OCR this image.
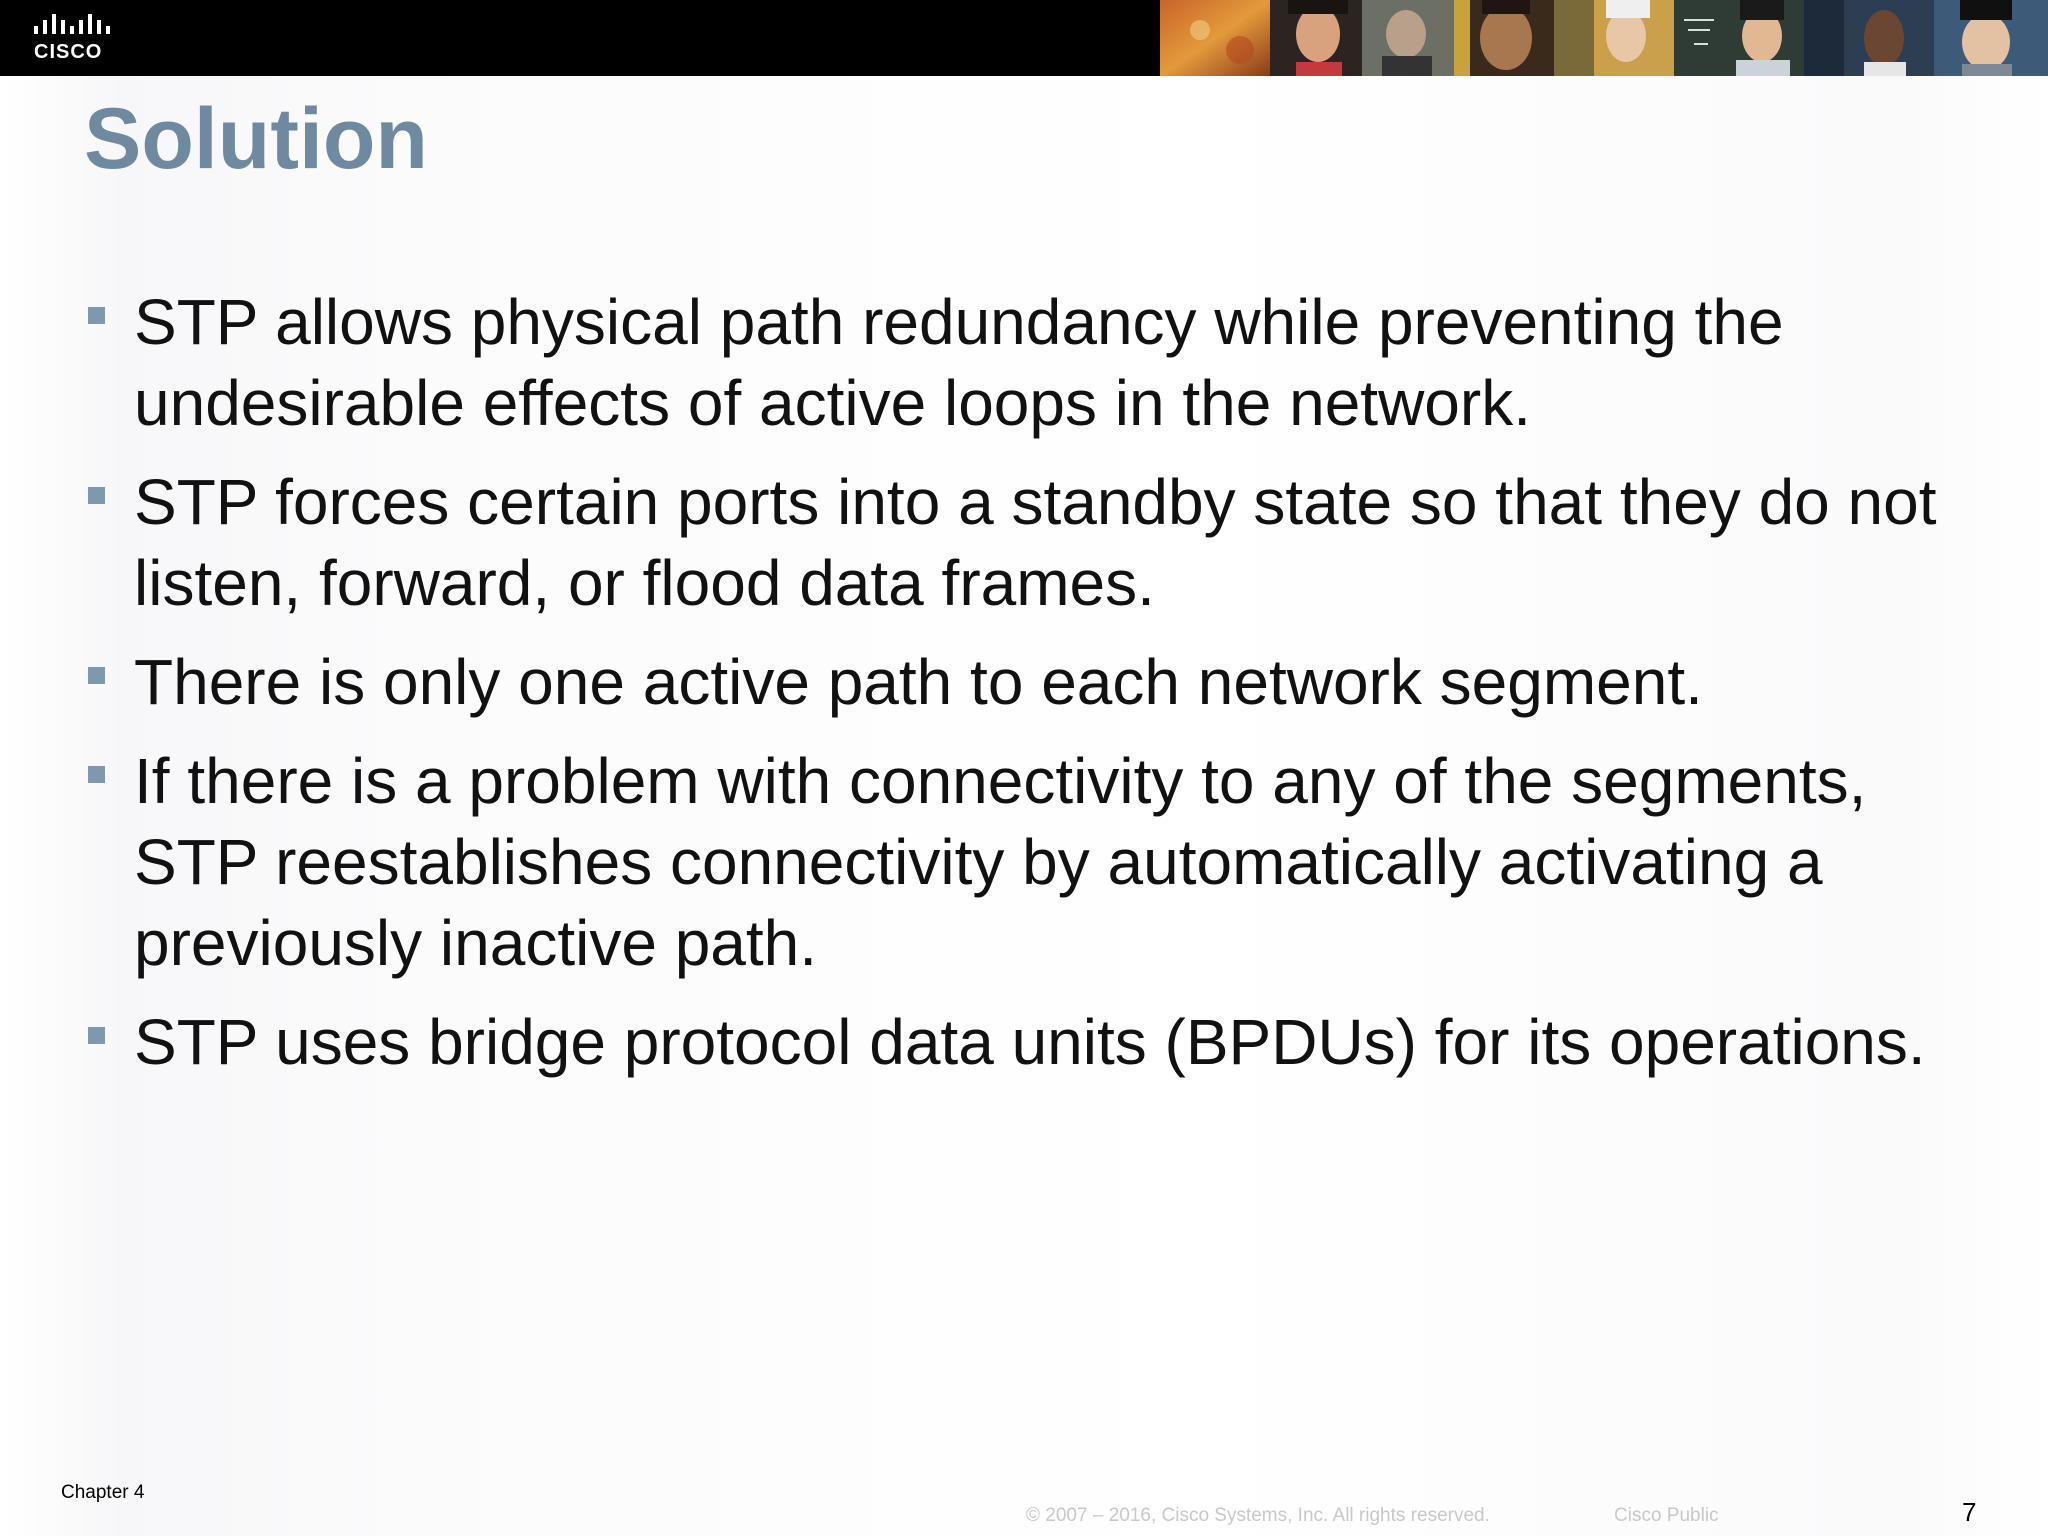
CISCO
Solution
STP allows physical path redundancy while preventing the undesirable effects of active loops in the network.
STP forces certain ports into a standby state so that they do not listen, forward, or flood data frames.
There is only one active path to each network segment.
If there is a problem with connectivity to any of the segments, STP reestablishes connectivity by automatically activating a previously inactive path.
STP uses bridge protocol data units (BPDUs) for its operations.
Chapter 4
© 2007 – 2016, Cisco Systems, Inc. All rights reserved.	Cisco Public	7
